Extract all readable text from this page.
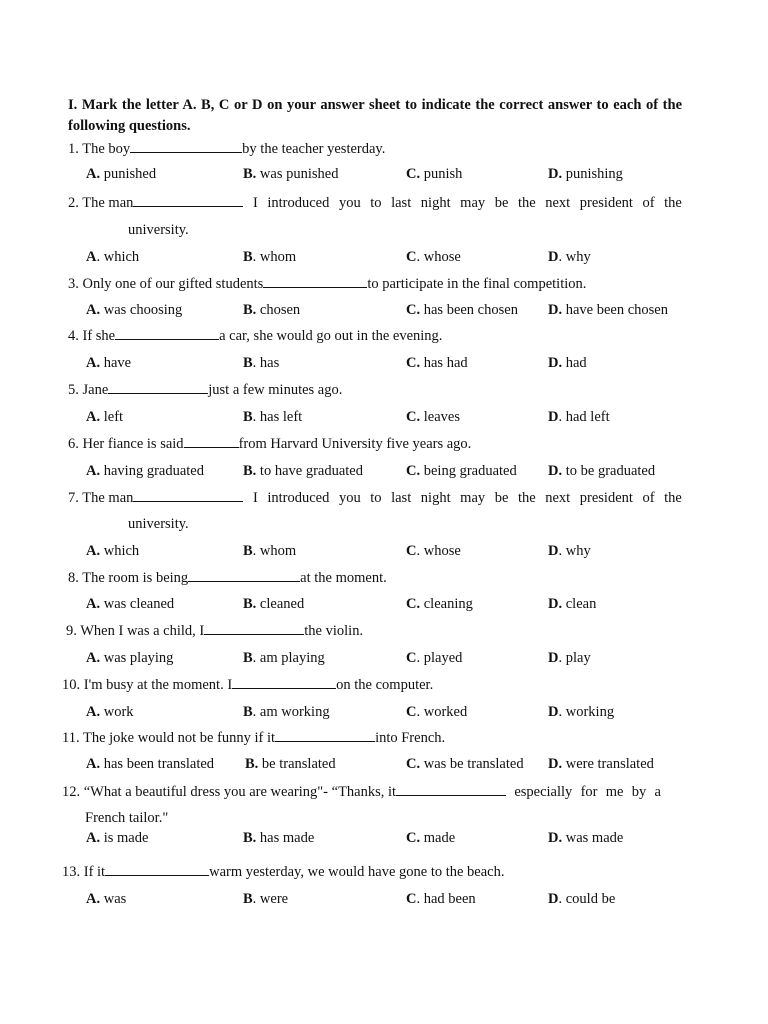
I. Mark the letter A. B, C or D on your answer sheet to indicate the correct answer to each of the following questions.
1. The boy	by the teacher yesterday.
A. punished	B. was punished	C. punish	D. punishing
2. The man	I introduced you to last night may be the next president of the
university.
A. which	B. whom	C. whose	D. why
3. Only one of our gifted students	to participate in the final competition.
A. was choosing	B. chosen	C. has been chosen D. have been chosen
4. If she	a car, she would go out in the evening.
A. have	B. has	C. has had	D. had
5. Jane	just a few minutes ago.
A. left	B. has left	C. leaves	D. had left
6. Her fiance is said	from Harvard University five years ago.
A. having graduated	B. to have graduated	C. being graduated D. to be graduated
7. The man	I introduced you to last night may be the next president of the
university.
A. which	B. whom	C. whose	D. why
8. The room is being	at the moment.
A. was cleaned	B. cleaned	C. cleaning	D. clean
9. When I was a child, I	the violin.
A. was playing	B. am playing	C. played	D. play
10. I'm busy at the moment. I	on the computer.
A. work	B. am working	C. worked	D. working
11. The joke would not be funny if it	into French.
A. has been translated B. be translated	C. was be translated D. were translated
12. “What a beautiful dress you are wearing"- “Thanks, it	especially for me by a
French tailor."
A. is made	B. has made	C. made	D. was made
13. If it	warm yesterday, we would have gone to the beach.
A. was	B. were	C. had been	D. could be
